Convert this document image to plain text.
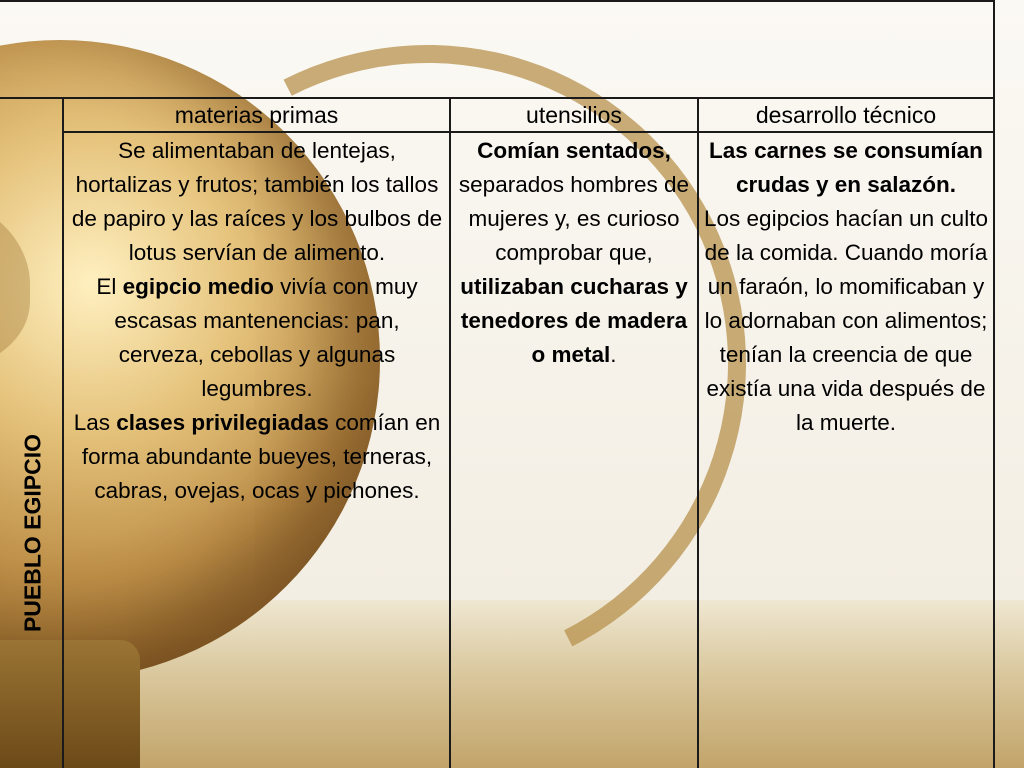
PUEBLO EGIPCIO
materias primas	utensilios	desarrollo técnico
Se alimentaban de lentejas, hortalizas y frutos; también los tallos de papiro y las raíces y los bulbos de lotus servían de alimento.
El egipcio medio vivía con muy escasas mantenencias: pan, cerveza, cebollas y algunas legumbres.
Las clases privilegiadas comían en forma abundante bueyes, terneras, cabras, ovejas, ocas y pichones.
Comían sentados, separados hombres de mujeres y, es curioso comprobar que, utilizaban cucharas y tenedores de madera o metal.
Las carnes se consumían crudas y en salazón.
Los egipcios hacían un culto de la comida. Cuando moría un faraón, lo momificaban y lo adornaban con alimentos; tenían la creencia de que existía una vida después de la muerte.
